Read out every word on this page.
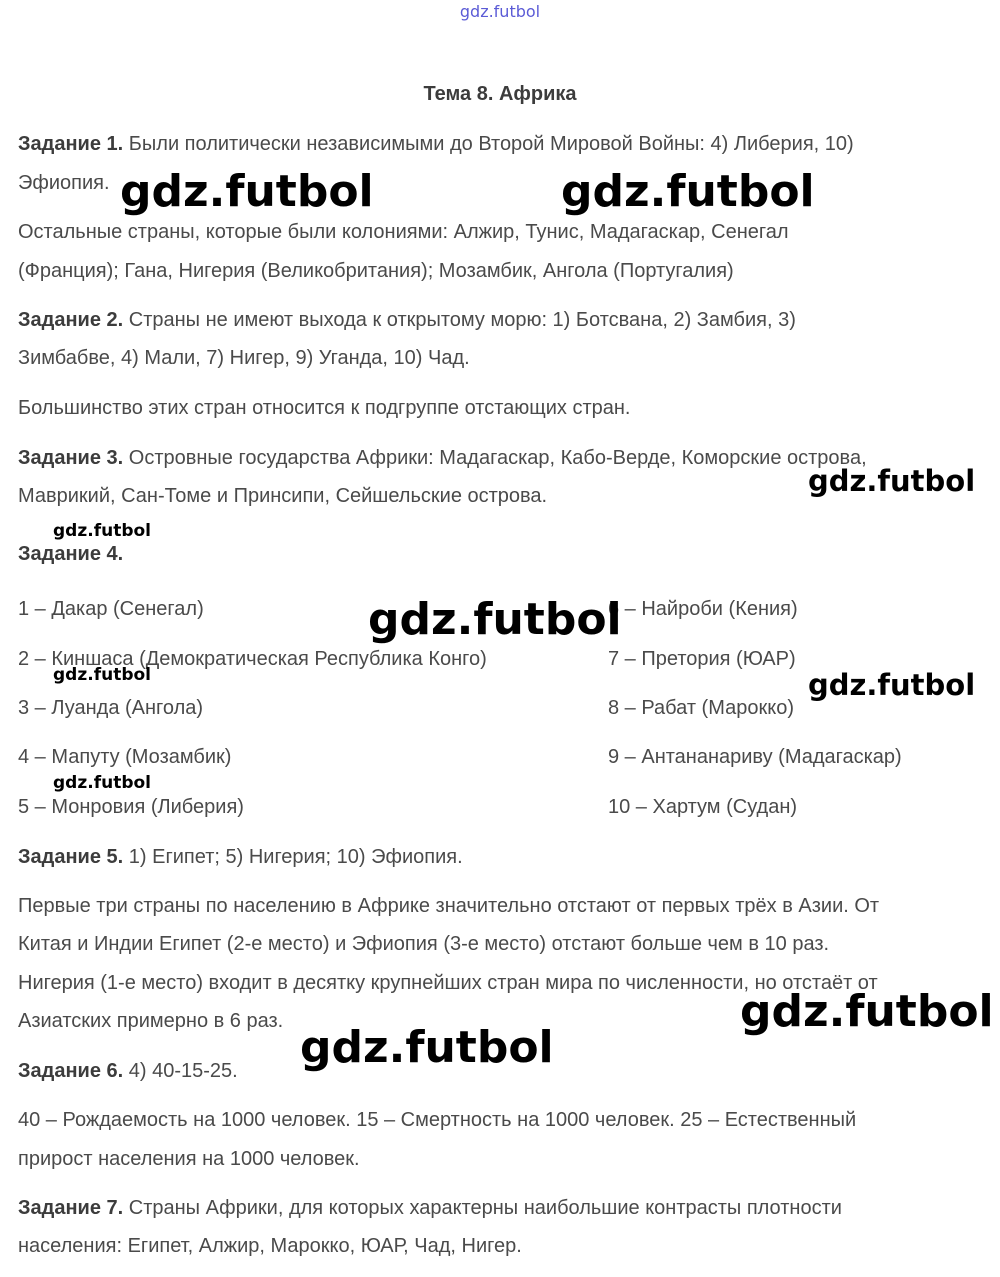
gdz.futbol
Тема 8. Африка
Задание 1. Были политически независимыми до Второй Мировой Войны: 4) Либерия, 10)
Эфиопия.
Остальные страны, которые были колониями: Алжир, Тунис, Мадагаскар, Сенегал
(Франция); Гана, Нигерия (Великобритания); Мозамбик, Ангола (Португалия)
Задание 2. Страны не имеют выхода к открытому морю: 1) Ботсвана, 2) Замбия, 3)
Зимбабве, 4) Мали, 7) Нигер, 9) Уганда, 10) Чад.
Большинство этих стран относится к подгруппе отстающих стран.
Задание 3. Островные государства Африки: Мадагаскар, Кабо-Верде, Коморские острова,
Маврикий, Сан-Томе и Принсипи, Сейшельские острова.
Задание 4.
1 – Дакар (Сенегал)
2 – Киншаса (Демократическая Республика Конго)
3 – Луанда (Ангола)
4 – Мапуту (Мозамбик)
5 – Монровия (Либерия)
6 – Найроби (Кения)
7 – Претория (ЮАР)
8 – Рабат (Марокко)
9 – Антананариву (Мадагаскар)
10 – Хартум (Судан)
Задание 5. 1) Египет; 5) Нигерия; 10) Эфиопия.
Первые три страны по населению в Африке значительно отстают от первых трёх в Азии. От
Китая и Индии Египет (2-е место) и Эфиопия (3-е место) отстают больше чем в 10 раз.
Нигерия (1-е место) входит в десятку крупнейших стран мира по численности, но отстаёт от
Азиатских примерно в 6 раз.
Задание 6. 4) 40-15-25.
40 – Рождаемость на 1000 человек. 15 – Смертность на 1000 человек. 25 – Естественный
прирост населения на 1000 человек.
Задание 7. Страны Африки, для которых характерны наибольшие контрасты плотности
населения: Египет, Алжир, Марокко, ЮАР, Чад, Нигер.
gdz.futbol	gdz.futbol
gdz.futbol
gdz.futbol
gdz.futbol
gdz.futbol	gdz.futbol
gdz.futbol
gdz.futbol
gdz.futbol
